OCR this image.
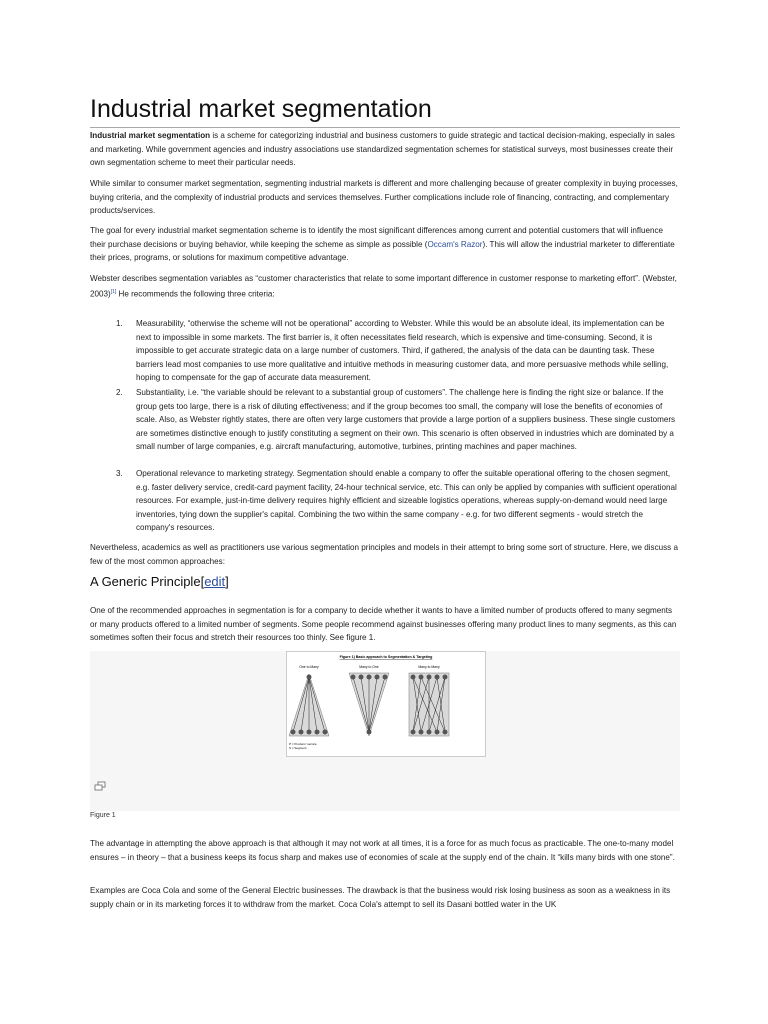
Industrial market segmentation

Industrial market segmentation is a scheme for categorizing industrial and business customers to guide strategic and tactical decision-making, especially in sales and marketing. While government agencies and industry associations use standardized segmentation schemes for statistical surveys, most businesses create their own segmentation scheme to meet their particular needs.

While similar to consumer market segmentation, segmenting industrial markets is different and more challenging because of greater complexity in buying processes, buying criteria, and the complexity of industrial products and services themselves. Further complications include role of financing, contracting, and complementary products/services.

The goal for every industrial market segmentation scheme is to identify the most significant differences among current and potential customers that will influence their purchase decisions or buying behavior, while keeping the scheme as simple as possible (Occam's Razor). This will allow the industrial marketer to differentiate their prices, programs, or solutions for maximum competitive advantage.

Webster describes segmentation variables as “customer characteristics that relate to some important difference in customer response to marketing effort”. (Webster, 2003)[1] He recommends the following three criteria:

1.	Measurability, “otherwise the scheme will not be operational” according to Webster. While this would be an absolute ideal, its implementation can be next to impossible in some markets. The first barrier is, it often necessitates field research, which is expensive and time-consuming. Second, it is impossible to get accurate strategic data on a large number of customers. Third, if gathered, the analysis of the data can be daunting task. These barriers lead most companies to use more qualitative and intuitive methods in measuring customer data, and more persuasive methods while selling, hoping to compensate for the gap of accurate data measurement.
2.	Substantiality, i.e. “the variable should be relevant to a substantial group of customers”. The challenge here is finding the right size or balance. If the group gets too large, there is a risk of diluting effectiveness; and if the group becomes too small, the company will lose the benefits of economies of scale. Also, as Webster rightly states, there are often very large customers that provide a large portion of a suppliers business. These single customers are sometimes distinctive enough to justify constituting a segment on their own. This scenario is often observed in industries which are dominated by a small number of large companies, e.g. aircraft manufacturing, automotive, turbines, printing machines and paper machines.
3.	Operational relevance to marketing strategy. Segmentation should enable a company to offer the suitable operational offering to the chosen segment, e.g. faster delivery service, credit-card payment facility, 24-hour technical service, etc. This can only be applied by companies with sufficient operational resources. For example, just-in-time delivery requires highly efficient and sizeable logistics operations, whereas supply-on-demand would need large inventories, tying down the supplier's capital. Combining the two within the same company - e.g. for two different segments - would stretch the company's resources.

Nevertheless, academics as well as practitioners use various segmentation principles and models in their attempt to bring some sort of structure. Here, we discuss a few of the most common approaches:

A Generic Principle[edit]

One of the recommended approaches in segmentation is for a company to decide whether it wants to have a limited number of products offered to many segments or many products offered to a limited number of segments. Some people recommend against businesses offering many product lines to many segments, as this can sometimes soften their focus and stretch their resources too thinly. See figure 1.

Figure 1) Basic approach to Segmentation & Targeting
One to Many	Many to One	Many to Many
P = Product / service
S = Segment
Figure 1

The advantage in attempting the above approach is that although it may not work at all times, it is a force for as much focus as practicable. The one-to-many model ensures – in theory – that a business keeps its focus sharp and makes use of economies of scale at the supply end of the chain. It “kills many birds with one stone”.

Examples are Coca Cola and some of the General Electric businesses. The drawback is that the business would risk losing business as soon as a weakness in its supply chain or in its marketing forces it to withdraw from the market. Coca Cola's attempt to sell its Dasani bottled water in the UK
